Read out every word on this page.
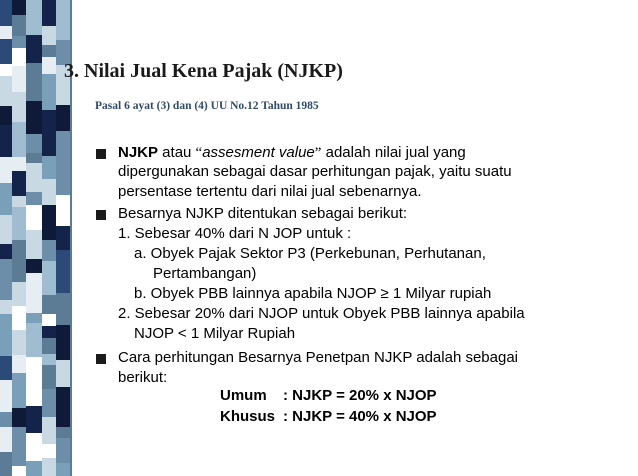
3. Nilai Jual Kena Pajak (NJKP)
Pasal 6 ayat (3) dan (4) UU No.12 Tahun 1985
NJKP atau “assesment value” adalah nilai jual yang
dipergunakan sebagai dasar perhitungan pajak, yaitu suatu
persentase tertentu dari nilai jual sebenarnya.
Besarnya NJKP ditentukan sebagai berikut:
1. Sebesar 40% dari N JOP untuk :
a. Obyek Pajak Sektor P3 (Perkebunan, Perhutanan,
Pertambangan)
b. Obyek PBB lainnya apabila NJOP ≥ 1 Milyar rupiah
2. Sebesar 20% dari NJOP untuk Obyek PBB lainnya apabila
NJOP < 1 Milyar Rupiah
Cara perhitungan Besarnya Penetpan NJKP adalah sebagai
berikut:
Umum : NJKP = 20% x NJOP
Khusus : NJKP = 40% x NJOP
